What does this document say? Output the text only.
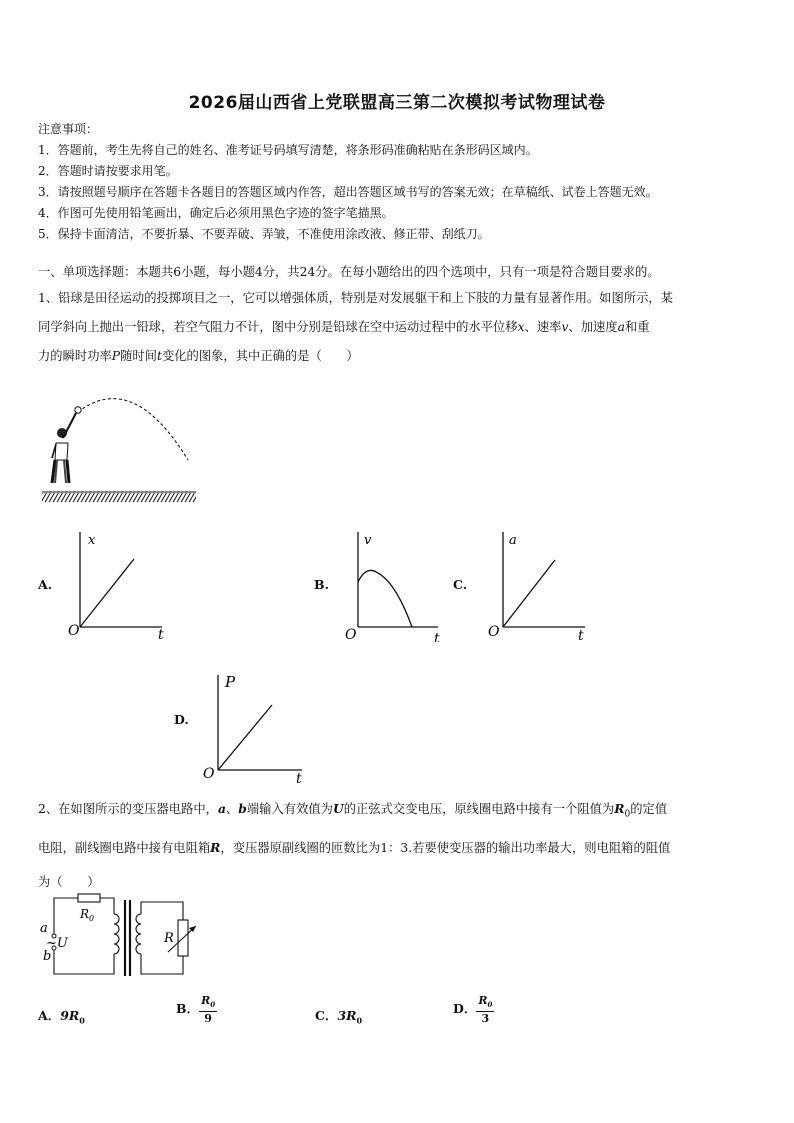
2026届山西省上党联盟高三第二次模拟考试物理试卷
注意事项：
1．答题前，考生先将自己的姓名、准考证号码填写清楚，将条形码准确粘贴在条形码区域内。
2．答题时请按要求用笔。
3．请按照题号顺序在答题卡各题目的答题区域内作答，超出答题区域书写的答案无效；在草稿纸、试卷上答题无效。
4．作图可先使用铅笔画出，确定后必须用黑色字迹的签字笔描黑。
5．保持卡面清洁，不要折暴、不要弄破、弄皱，不准使用涂改液、修正带、刮纸刀。
一、单项选择题：本题共6小题，每小题4分，共24分。在每小题给出的四个选项中，只有一项是符合题目要求的。
1、铅球是田径运动的投掷项目之一，它可以增强体质，特别是对发展躯干和上下肢的力量有显著作用。如图所示，某
同学斜向上抛出一铅球，若空气阻力不计，图中分别是铅球在空中运动过程中的水平位移x、速率v、加速度a和重
力的瞬时功率P随时间t变化的图象，其中正确的是（　　）
A.
x
O	t
B.
v
O	t
C.
a
O	t
D.
P
O	t
2、在如图所示的变压器电路中，a、b端输入有效值为U的正弦式交变电压，原线圈电路中接有一个阻值为$R_0$的定值
电阻，副线圈电路中接有电阻箱R，变压器原副线圈的匝数比为1：3.若要使变压器的输出功率最大，则电阻箱的阻值
为（　　）
a
~U
b
$R_0$
R
A．$9R_0$
B． $\frac{R_0}{9}$	C．$3R_0$
D． $\frac{R_0}{3}$
